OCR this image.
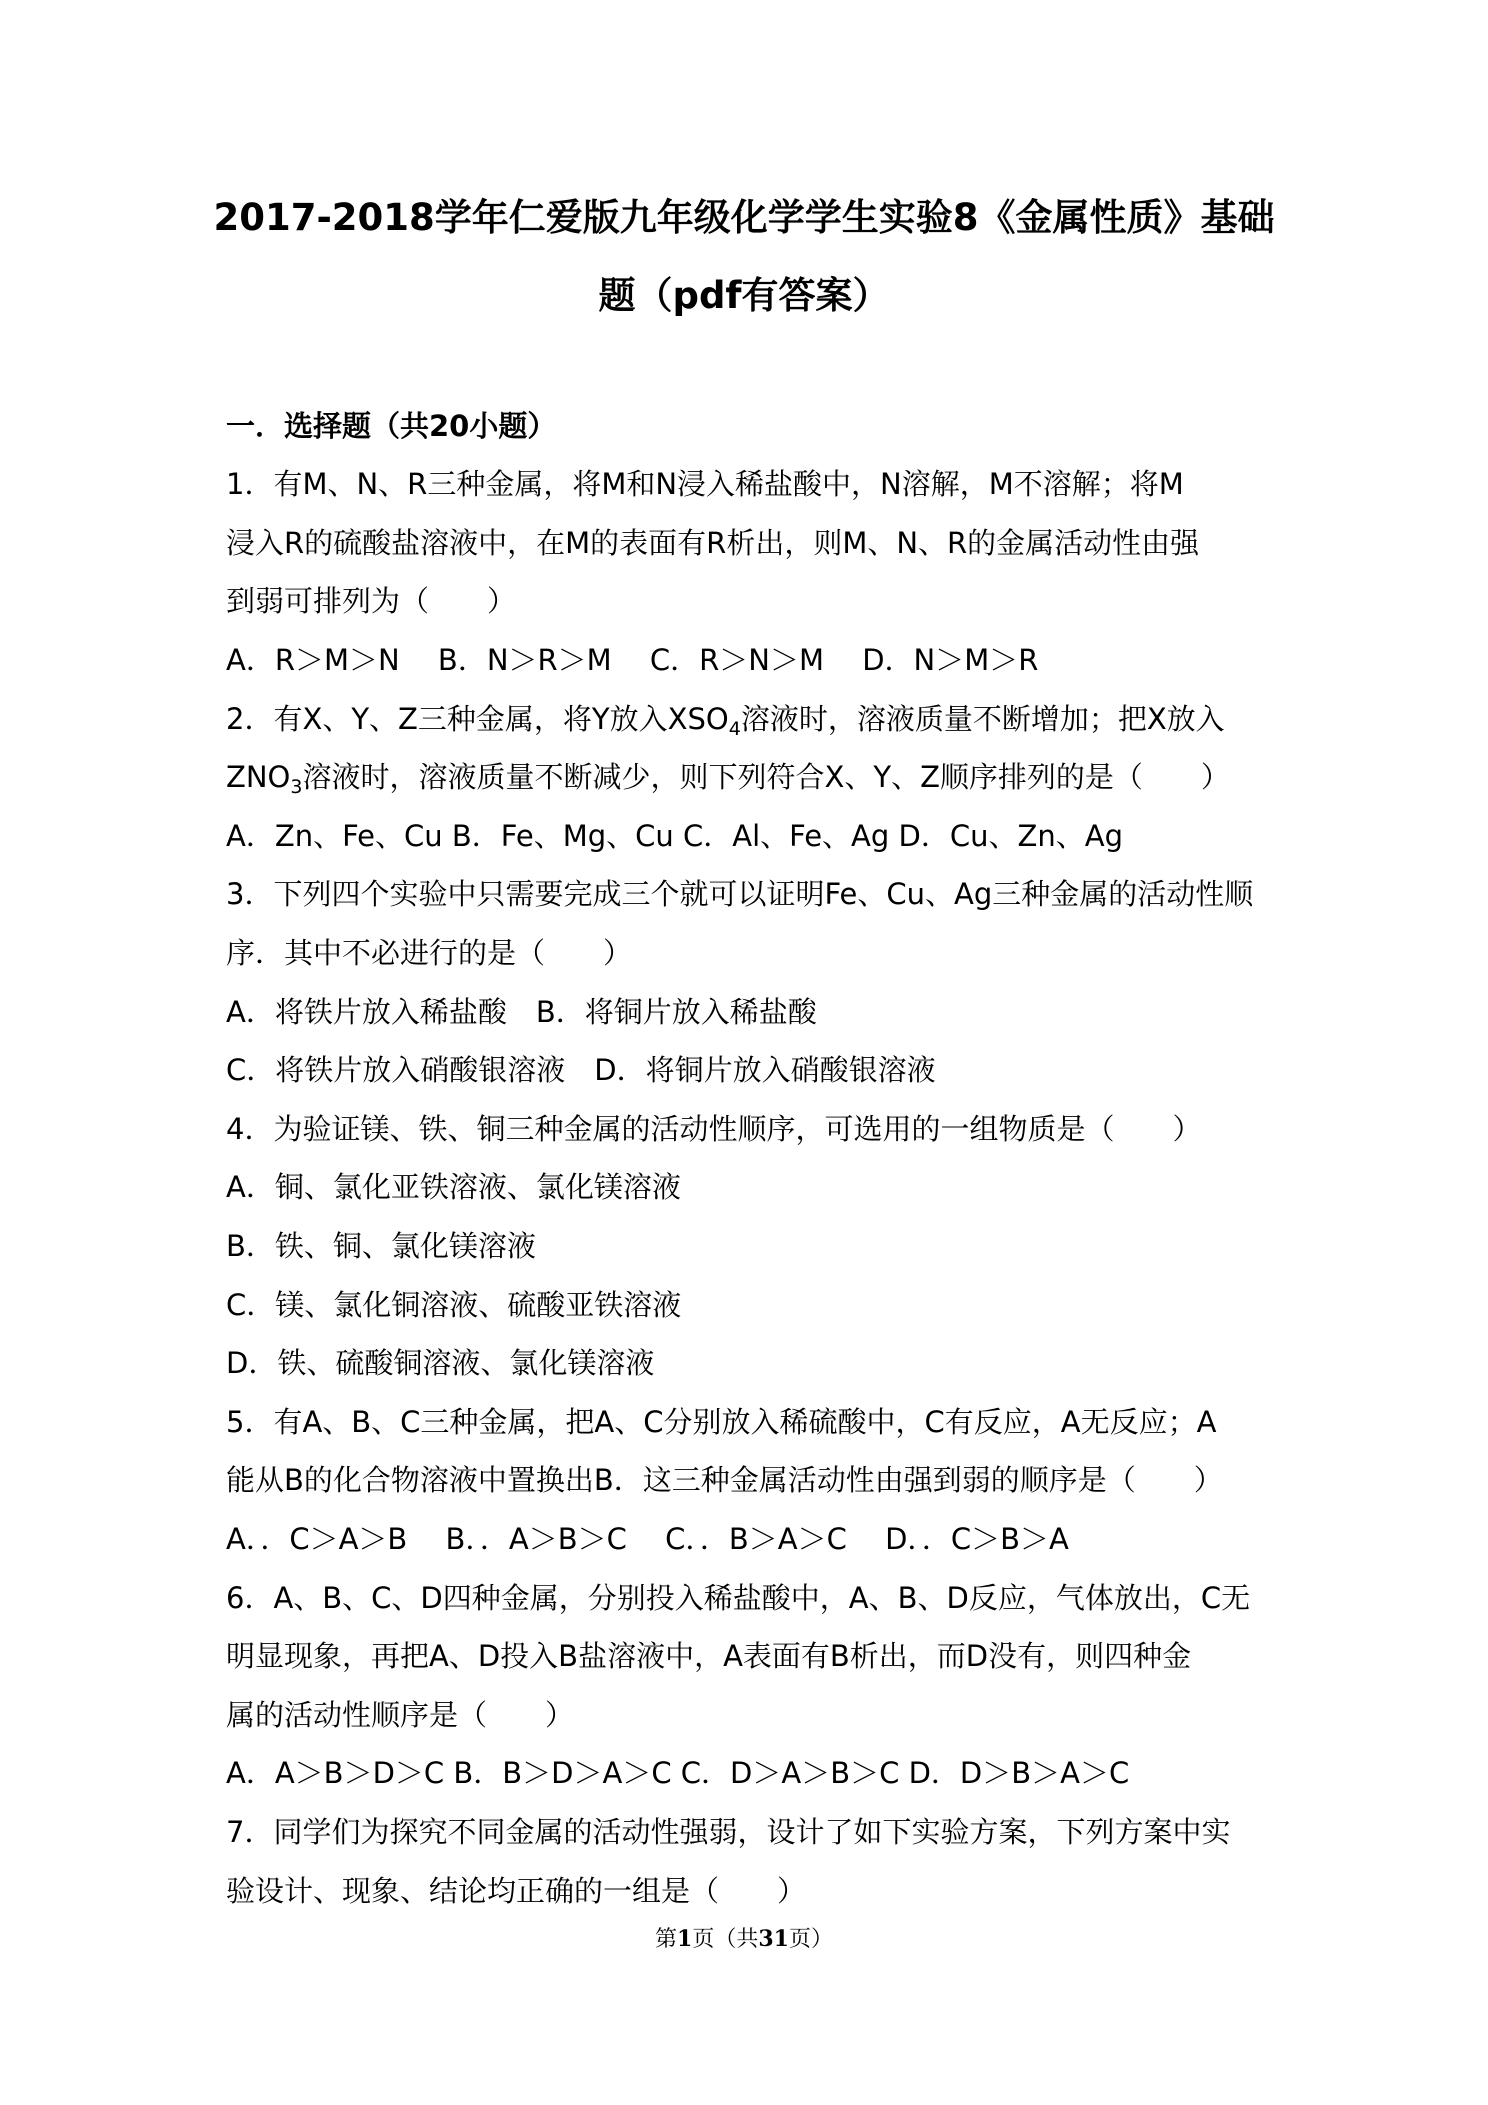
2017-2018学年仁爱版九年级化学学生实验8《金属性质》基础
题（pdf有答案）
一．选择题（共20小题）
1．有M、N、R三种金属，将M和N浸入稀盐酸中，N溶解，M不溶解；将M
浸入R的硫酸盐溶液中，在M的表面有R析出，则M、N、R的金属活动性由强
到弱可排列为（　　）
A．R＞M＞N　 B．N＞R＞M　 C．R＞N＞M　 D．N＞M＞R
2．有X、Y、Z三种金属，将Y放入$XSO_4$溶液时，溶液质量不断增加；把X放入
$ZNO_3$溶液时，溶液质量不断减少，则下列符合X、Y、Z顺序排列的是（　　）
A．Zn、Fe、Cu B．Fe、Mg、Cu C．Al、Fe、Ag D．Cu、Zn、Ag
3．下列四个实验中只需要完成三个就可以证明Fe、Cu、Ag三种金属的活动性顺
序．其中不必进行的是（　　）
A．将铁片放入稀盐酸　B．将铜片放入稀盐酸
C．将铁片放入硝酸银溶液　D．将铜片放入硝酸银溶液
4．为验证镁、铁、铜三种金属的活动性顺序，可选用的一组物质是（　　）
A．铜、氯化亚铁溶液、氯化镁溶液
B．铁、铜、氯化镁溶液
C．镁、氯化铜溶液、硫酸亚铁溶液
D．铁、硫酸铜溶液、氯化镁溶液
5．有A、B、C三种金属，把A、C分别放入稀硫酸中，C有反应，A无反应；A
能从B的化合物溶液中置换出B．这三种金属活动性由强到弱的顺序是（　　）
A．．C＞A＞B　 B．．A＞B＞C　 C．．B＞A＞C　 D．．C＞B＞A
6．A、B、C、D四种金属，分别投入稀盐酸中，A、B、D反应，气体放出，C无
明显现象，再把A、D投入B盐溶液中，A表面有B析出，而D没有，则四种金
属的活动性顺序是（　　）
A．A＞B＞D＞C B．B＞D＞A＞C C．D＞A＞B＞C D．D＞B＞A＞C
7．同学们为探究不同金属的活动性强弱，设计了如下实验方案，下列方案中实
验设计、现象、结论均正确的一组是（　　）
第1页（共31页）
